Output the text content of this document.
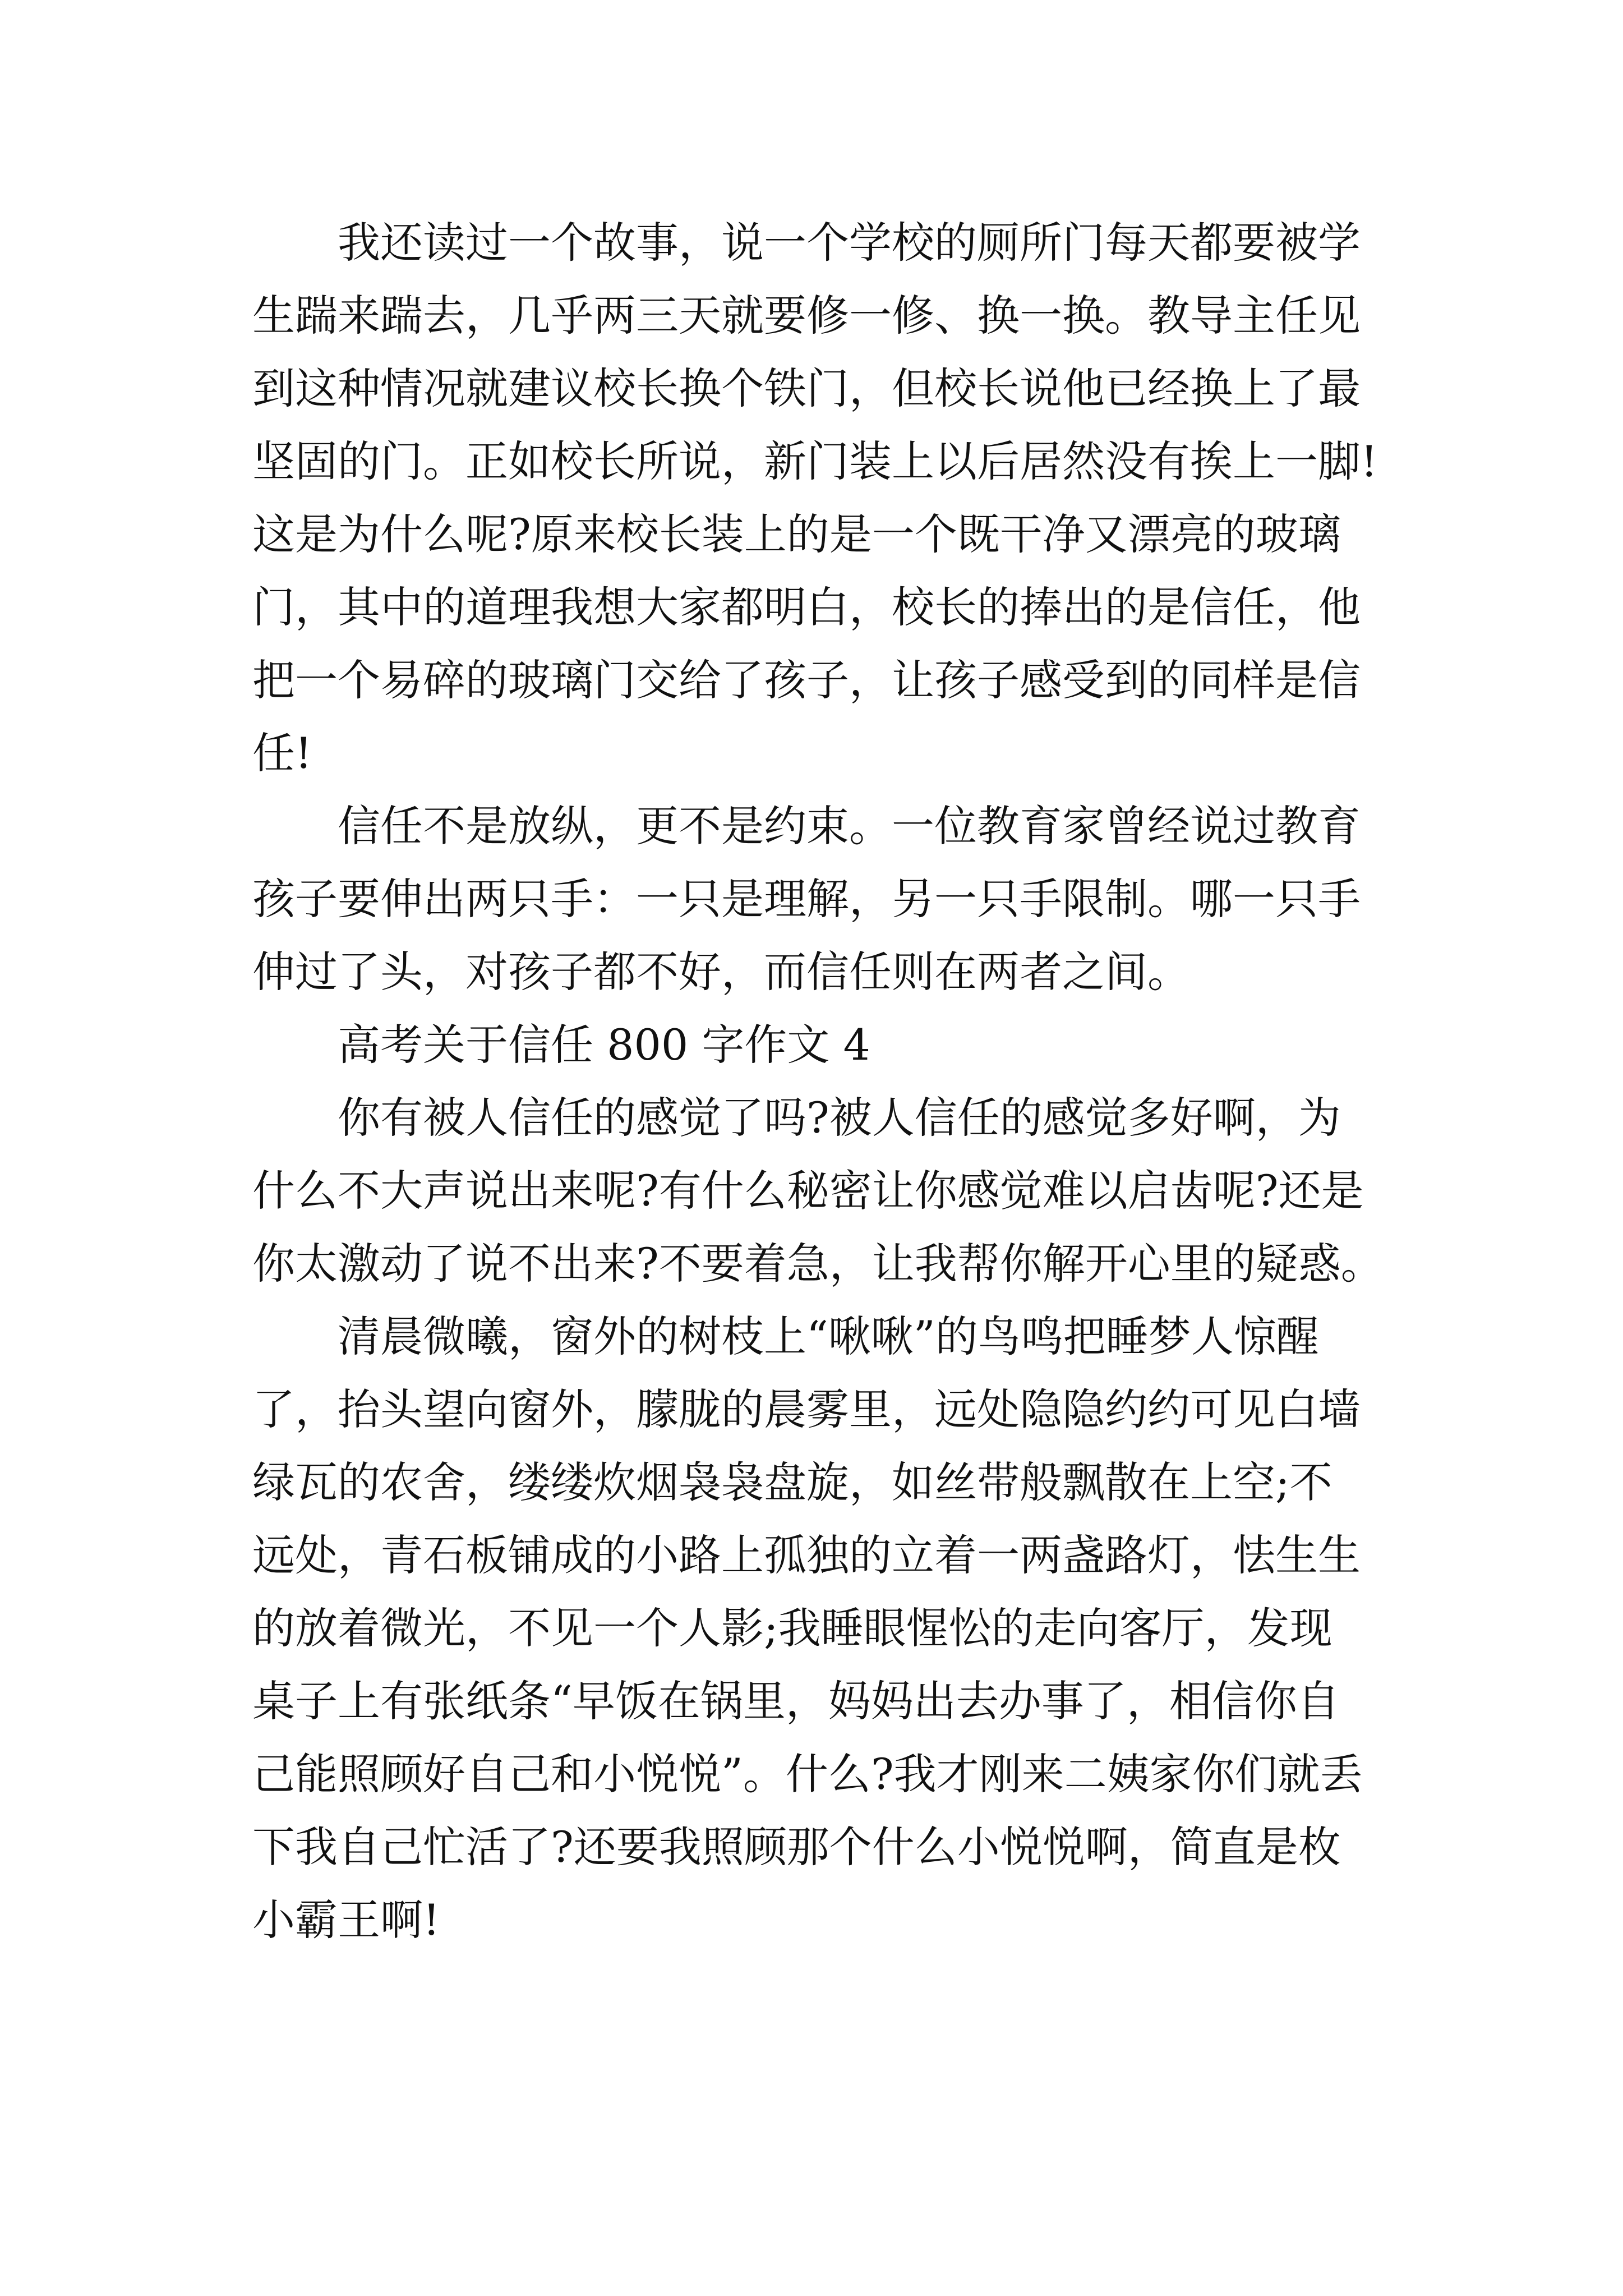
我还读过一个故事，说一个学校的厕所门每天都要被学
生踹来踹去，几乎两三天就要修一修、换一换。教导主任见
到这种情况就建议校长换个铁门，但校长说他已经换上了最
坚固的门。正如校长所说，新门装上以后居然没有挨上一脚!
这是为什么呢?原来校长装上的是一个既干净又漂亮的玻璃
门，其中的道理我想大家都明白，校长的捧出的是信任，他
把一个易碎的玻璃门交给了孩子，让孩子感受到的同样是信
任!
信任不是放纵，更不是约束。一位教育家曾经说过教育
孩子要伸出两只手：一只是理解，另一只手限制。哪一只手
伸过了头，对孩子都不好，而信任则在两者之间。
高考关于信任 800 字作文 4
你有被人信任的感觉了吗?被人信任的感觉多好啊，为
什么不大声说出来呢?有什么秘密让你感觉难以启齿呢?还是
你太激动了说不出来?不要着急，让我帮你解开心里的疑惑。
清晨微曦，窗外的树枝上“啾啾”的鸟鸣把睡梦人惊醒
了，抬头望向窗外，朦胧的晨雾里，远处隐隐约约可见白墙
绿瓦的农舍，缕缕炊烟袅袅盘旋，如丝带般飘散在上空;不
远处，青石板铺成的小路上孤独的立着一两盏路灯，怯生生
的放着微光，不见一个人影;我睡眼惺忪的走向客厅，发现
桌子上有张纸条“早饭在锅里，妈妈出去办事了，相信你自
己能照顾好自己和小悦悦”。什么?我才刚来二姨家你们就丢
下我自己忙活了?还要我照顾那个什么小悦悦啊，简直是枚
小霸王啊!
